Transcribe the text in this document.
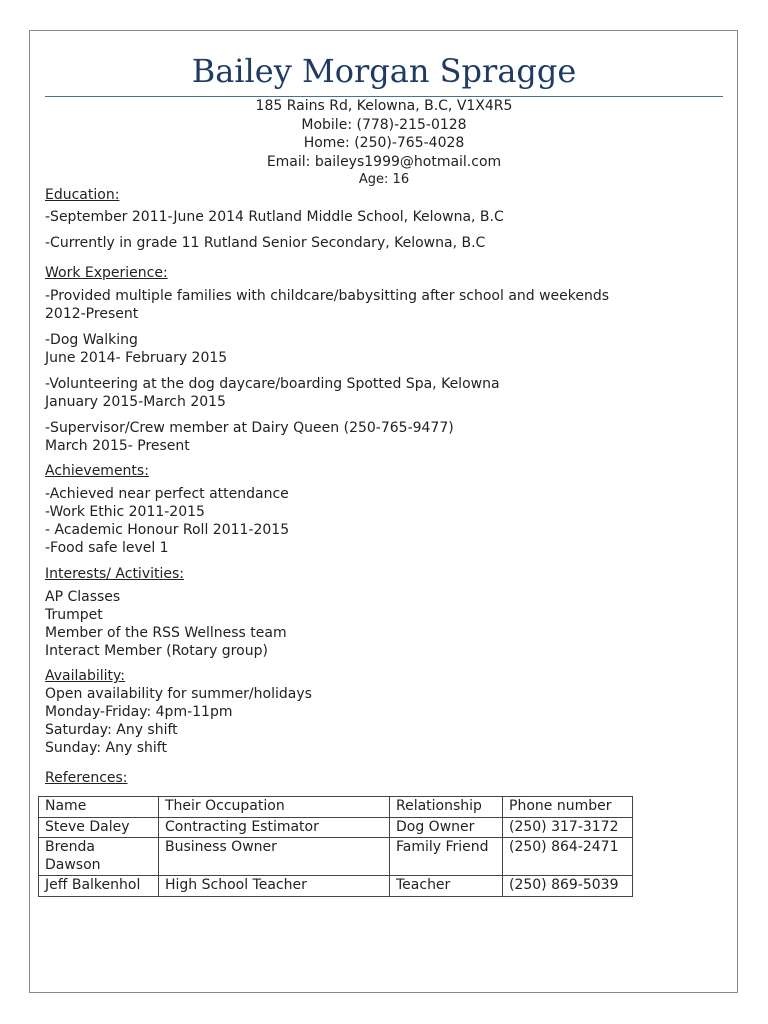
Bailey Morgan Spragge
185 Rains Rd, Kelowna, B.C, V1X4R5
Mobile: (778)-215-0128
Home: (250)-765-4028
Email: baileys1999@hotmail.com
Age: 16
Education:
-September 2011-June 2014 Rutland Middle School, Kelowna, B.C
-Currently in grade 11 Rutland Senior Secondary, Kelowna, B.C
Work Experience:
-Provided multiple families with childcare/babysitting after school and weekends
2012-Present
-Dog Walking
June 2014- February 2015
-Volunteering at the dog daycare/boarding Spotted Spa, Kelowna
January 2015-March 2015
-Supervisor/Crew member at Dairy Queen (250-765-9477)
March 2015- Present
Achievements:
-Achieved near perfect attendance
-Work Ethic 2011-2015
- Academic Honour Roll 2011-2015
-Food safe level 1
Interests/ Activities:
AP Classes
Trumpet
Member of the RSS Wellness team
Interact Member (Rotary group)
Availability:
Open availability for summer/holidays
Monday-Friday: 4pm-11pm
Saturday: Any shift
Sunday: Any shift
References:
Name	Their Occupation	Relationship	Phone number
Steve Daley	Contracting Estimator	Dog Owner	(250) 317-3172
Brenda Dawson	Business Owner	Family Friend	(250) 864-2471
Jeff Balkenhol	High School Teacher	Teacher	(250) 869-5039
